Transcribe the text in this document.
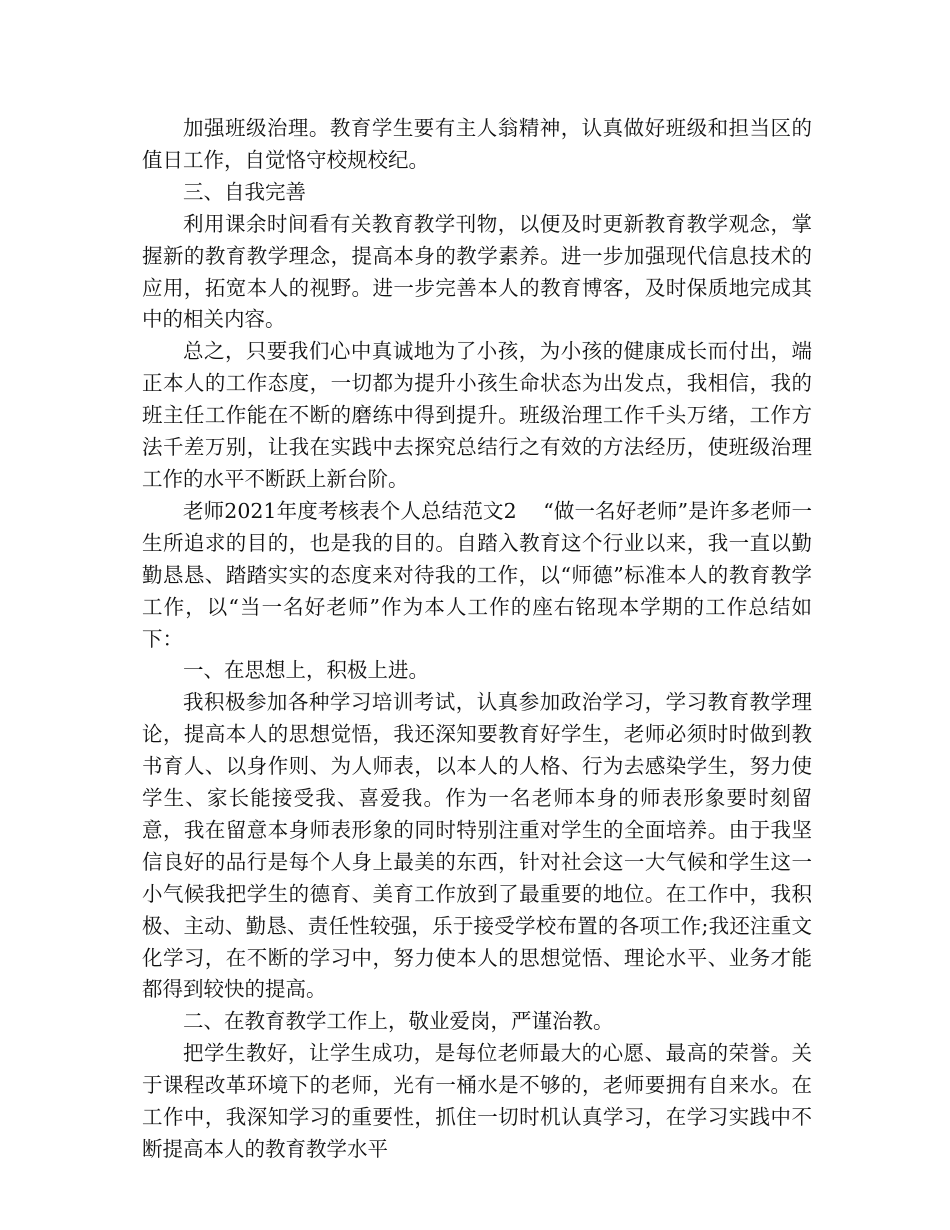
加强班级治理。教育学生要有主人翁精神，认真做好班级和担当区的值日工作，自觉恪守校规校纪。

三、自我完善

利用课余时间看有关教育教学刊物，以便及时更新教育教学观念，掌握新的教育教学理念，提高本身的教学素养。进一步加强现代信息技术的应用，拓宽本人的视野。进一步完善本人的教育博客，及时保质地完成其中的相关内容。

总之，只要我们心中真诚地为了小孩，为小孩的健康成长而付出，端正本人的工作态度，一切都为提升小孩生命状态为出发点，我相信，我的班主任工作能在不断的磨练中得到提升。班级治理工作千头万绪，工作方法千差万别，让我在实践中去探究总结行之有效的方法经历，使班级治理工作的水平不断跃上新台阶。

老师2021年度考核表个人总结范文2    “做一名好老师”是许多老师一生所追求的目的，也是我的目的。自踏入教育这个行业以来，我一直以勤勤恳恳、踏踏实实的态度来对待我的工作，以“师德”标准本人的教育教学工作，以“当一名好老师”作为本人工作的座右铭现本学期的工作总结如下：

一、在思想上，积极上进。

我积极参加各种学习培训考试，认真参加政治学习，学习教育教学理论，提高本人的思想觉悟，我还深知要教育好学生，老师必须时时做到教书育人、以身作则、为人师表，以本人的人格、行为去感染学生，努力使学生、家长能接受我、喜爱我。作为一名老师本身的师表形象要时刻留意，我在留意本身师表形象的同时特别注重对学生的全面培养。由于我坚信良好的品行是每个人身上最美的东西，针对社会这一大气候和学生这一小气候我把学生的德育、美育工作放到了最重要的地位。在工作中，我积极、主动、勤恳、责任性较强，乐于接受学校布置的各项工作;我还注重文化学习，在不断的学习中，努力使本人的思想觉悟、理论水平、业务才能都得到较快的提高。

二、在教育教学工作上，敬业爱岗，严谨治教。

把学生教好，让学生成功，是每位老师最大的心愿、最高的荣誉。关于课程改革环境下的老师，光有一桶水是不够的，老师要拥有自来水。在工作中，我深知学习的重要性，抓住一切时机认真学习，在学习实践中不断提高本人的教育教学水平
